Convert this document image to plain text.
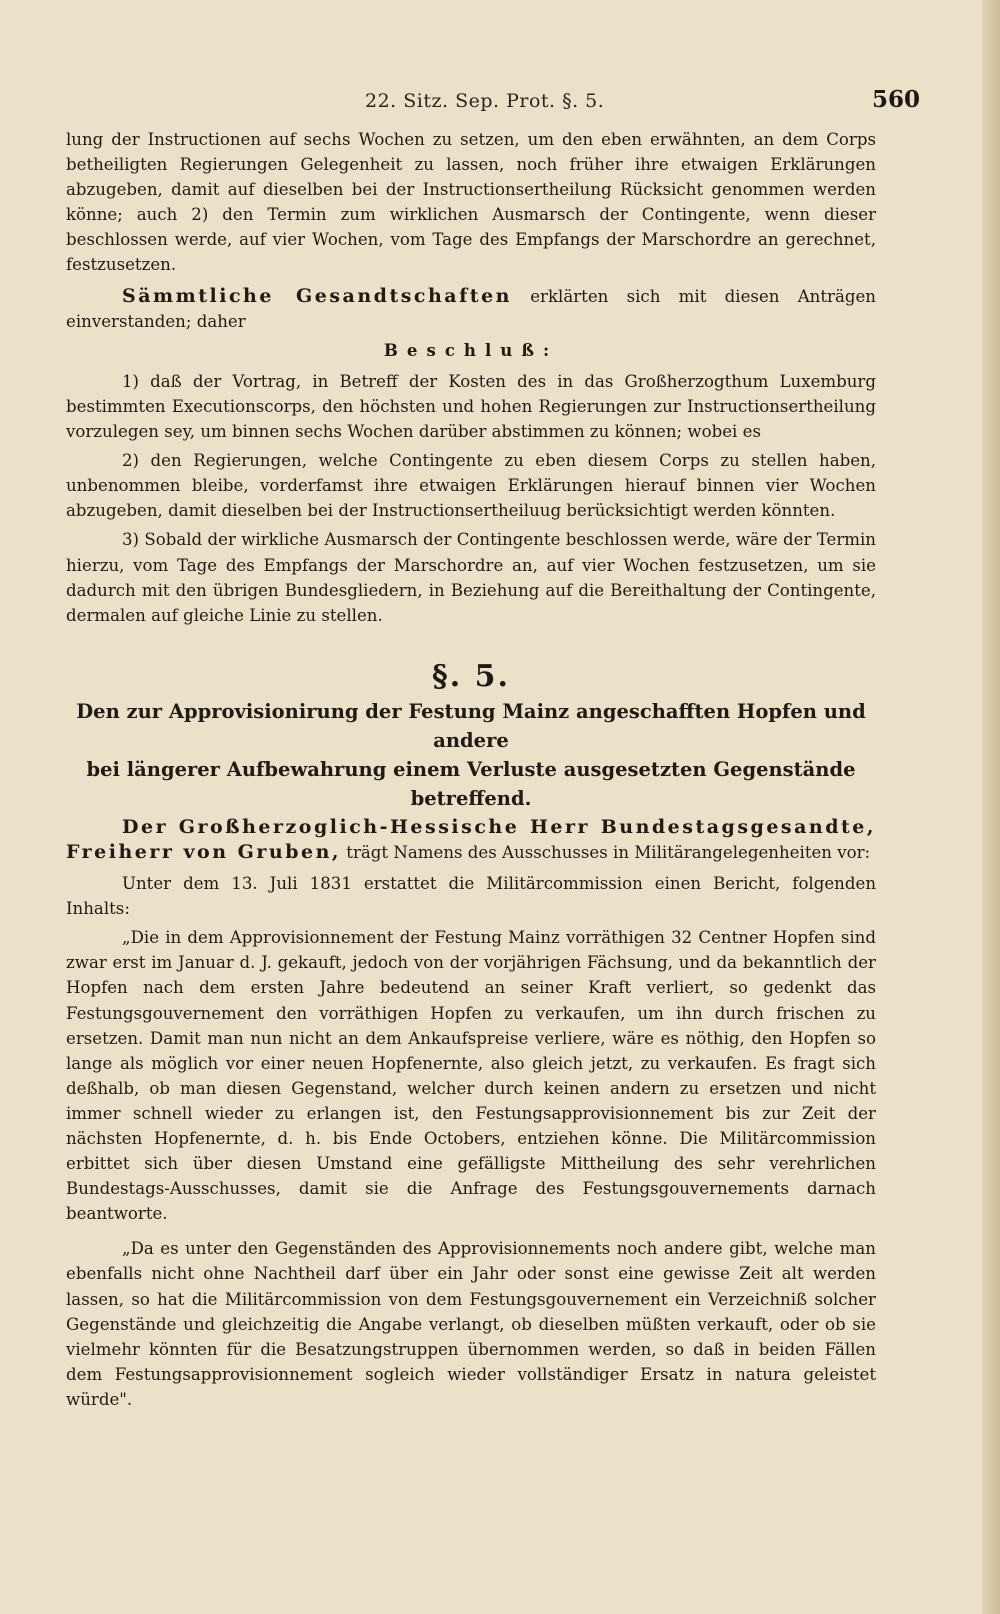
22. Sitz. Sep. Prot. §. 5.	560

lung der Instructionen auf sechs Wochen zu setzen, um den eben erwähnten, an dem Corps betheiligten Regierungen Gelegenheit zu lassen, noch früher ihre etwaigen Erklärungen abzugeben, damit auf dieselben bei der Instructionsertheilung Rücksicht genommen werden könne; auch 2) den Termin zum wirklichen Ausmarsch der Contingente, wenn dieser beschlossen werde, auf vier Wochen, vom Tage des Empfangs der Marschordre an gerechnet, festzusetzen.

Sämmtliche Gesandtschaften erklärten sich mit diesen Anträgen einverstanden; daher

Beschluß:

1) daß der Vortrag, in Betreff der Kosten des in das Großherzogthum Luxemburg bestimmten Executionscorps, den höchsten und hohen Regierungen zur Instructionsertheilung vorzulegen sey, um binnen sechs Wochen darüber abstimmen zu können; wobei es

2) den Regierungen, welche Contingente zu eben diesem Corps zu stellen haben, unbenommen bleibe, vorderfamst ihre etwaigen Erklärungen hierauf binnen vier Wochen abzugeben, damit dieselben bei der Instructionsertheiluug berücksichtigt werden könnten.

3) Sobald der wirkliche Ausmarsch der Contingente beschlossen werde, wäre der Termin hierzu, vom Tage des Empfangs der Marschordre an, auf vier Wochen festzusetzen, um sie dadurch mit den übrigen Bundesgliedern, in Beziehung auf die Bereithaltung der Contingente, dermalen auf gleiche Linie zu stellen.

§. 5.

Den zur Approvisionirung der Festung Mainz angeschafften Hopfen und andere

bei längerer Aufbewahrung einem Verluste ausgesetzten Gegenstände betreffend.

Der Großherzoglich-Hessische Herr Bundestagsgesandte, Freiherr von Gruben, trägt Namens des Ausschusses in Militärangelegenheiten vor:

Unter dem 13. Juli 1831 erstattet die Militärcommission einen Bericht, folgenden Inhalts:

„Die in dem Approvisionnement der Festung Mainz vorräthigen 32 Centner Hopfen sind zwar erst im Januar d. J. gekauft, jedoch von der vorjährigen Fächsung, und da bekanntlich der Hopfen nach dem ersten Jahre bedeutend an seiner Kraft verliert, so gedenkt das Festungsgouvernement den vorräthigen Hopfen zu verkaufen, um ihn durch frischen zu ersetzen. Damit man nun nicht an dem Ankaufspreise verliere, wäre es nöthig, den Hopfen so lange als möglich vor einer neuen Hopfenernte, also gleich jetzt, zu verkaufen. Es fragt sich deßhalb, ob man diesen Gegenstand, welcher durch keinen andern zu ersetzen und nicht immer schnell wieder zu erlangen ist, den Festungsapprovisionnement bis zur Zeit der nächsten Hopfenernte, d. h. bis Ende Octobers, entziehen könne. Die Militärcommission erbittet sich über diesen Umstand eine gefälligste Mittheilung des sehr verehrlichen Bundestags-Ausschusses, damit sie die Anfrage des Festungsgouvernements darnach beantworte.

„Da es unter den Gegenständen des Approvisionnements noch andere gibt, welche man ebenfalls nicht ohne Nachtheil darf über ein Jahr oder sonst eine gewisse Zeit alt werden lassen, so hat die Militärcommission von dem Festungsgouvernement ein Verzeichniß solcher Gegenstände und gleichzeitig die Angabe verlangt, ob dieselben müßten verkauft, oder ob sie vielmehr könnten für die Besatzungstruppen übernommen werden, so daß in beiden Fällen dem Festungsapprovisionnement sogleich wieder vollständiger Ersatz in natura geleistet würde".
